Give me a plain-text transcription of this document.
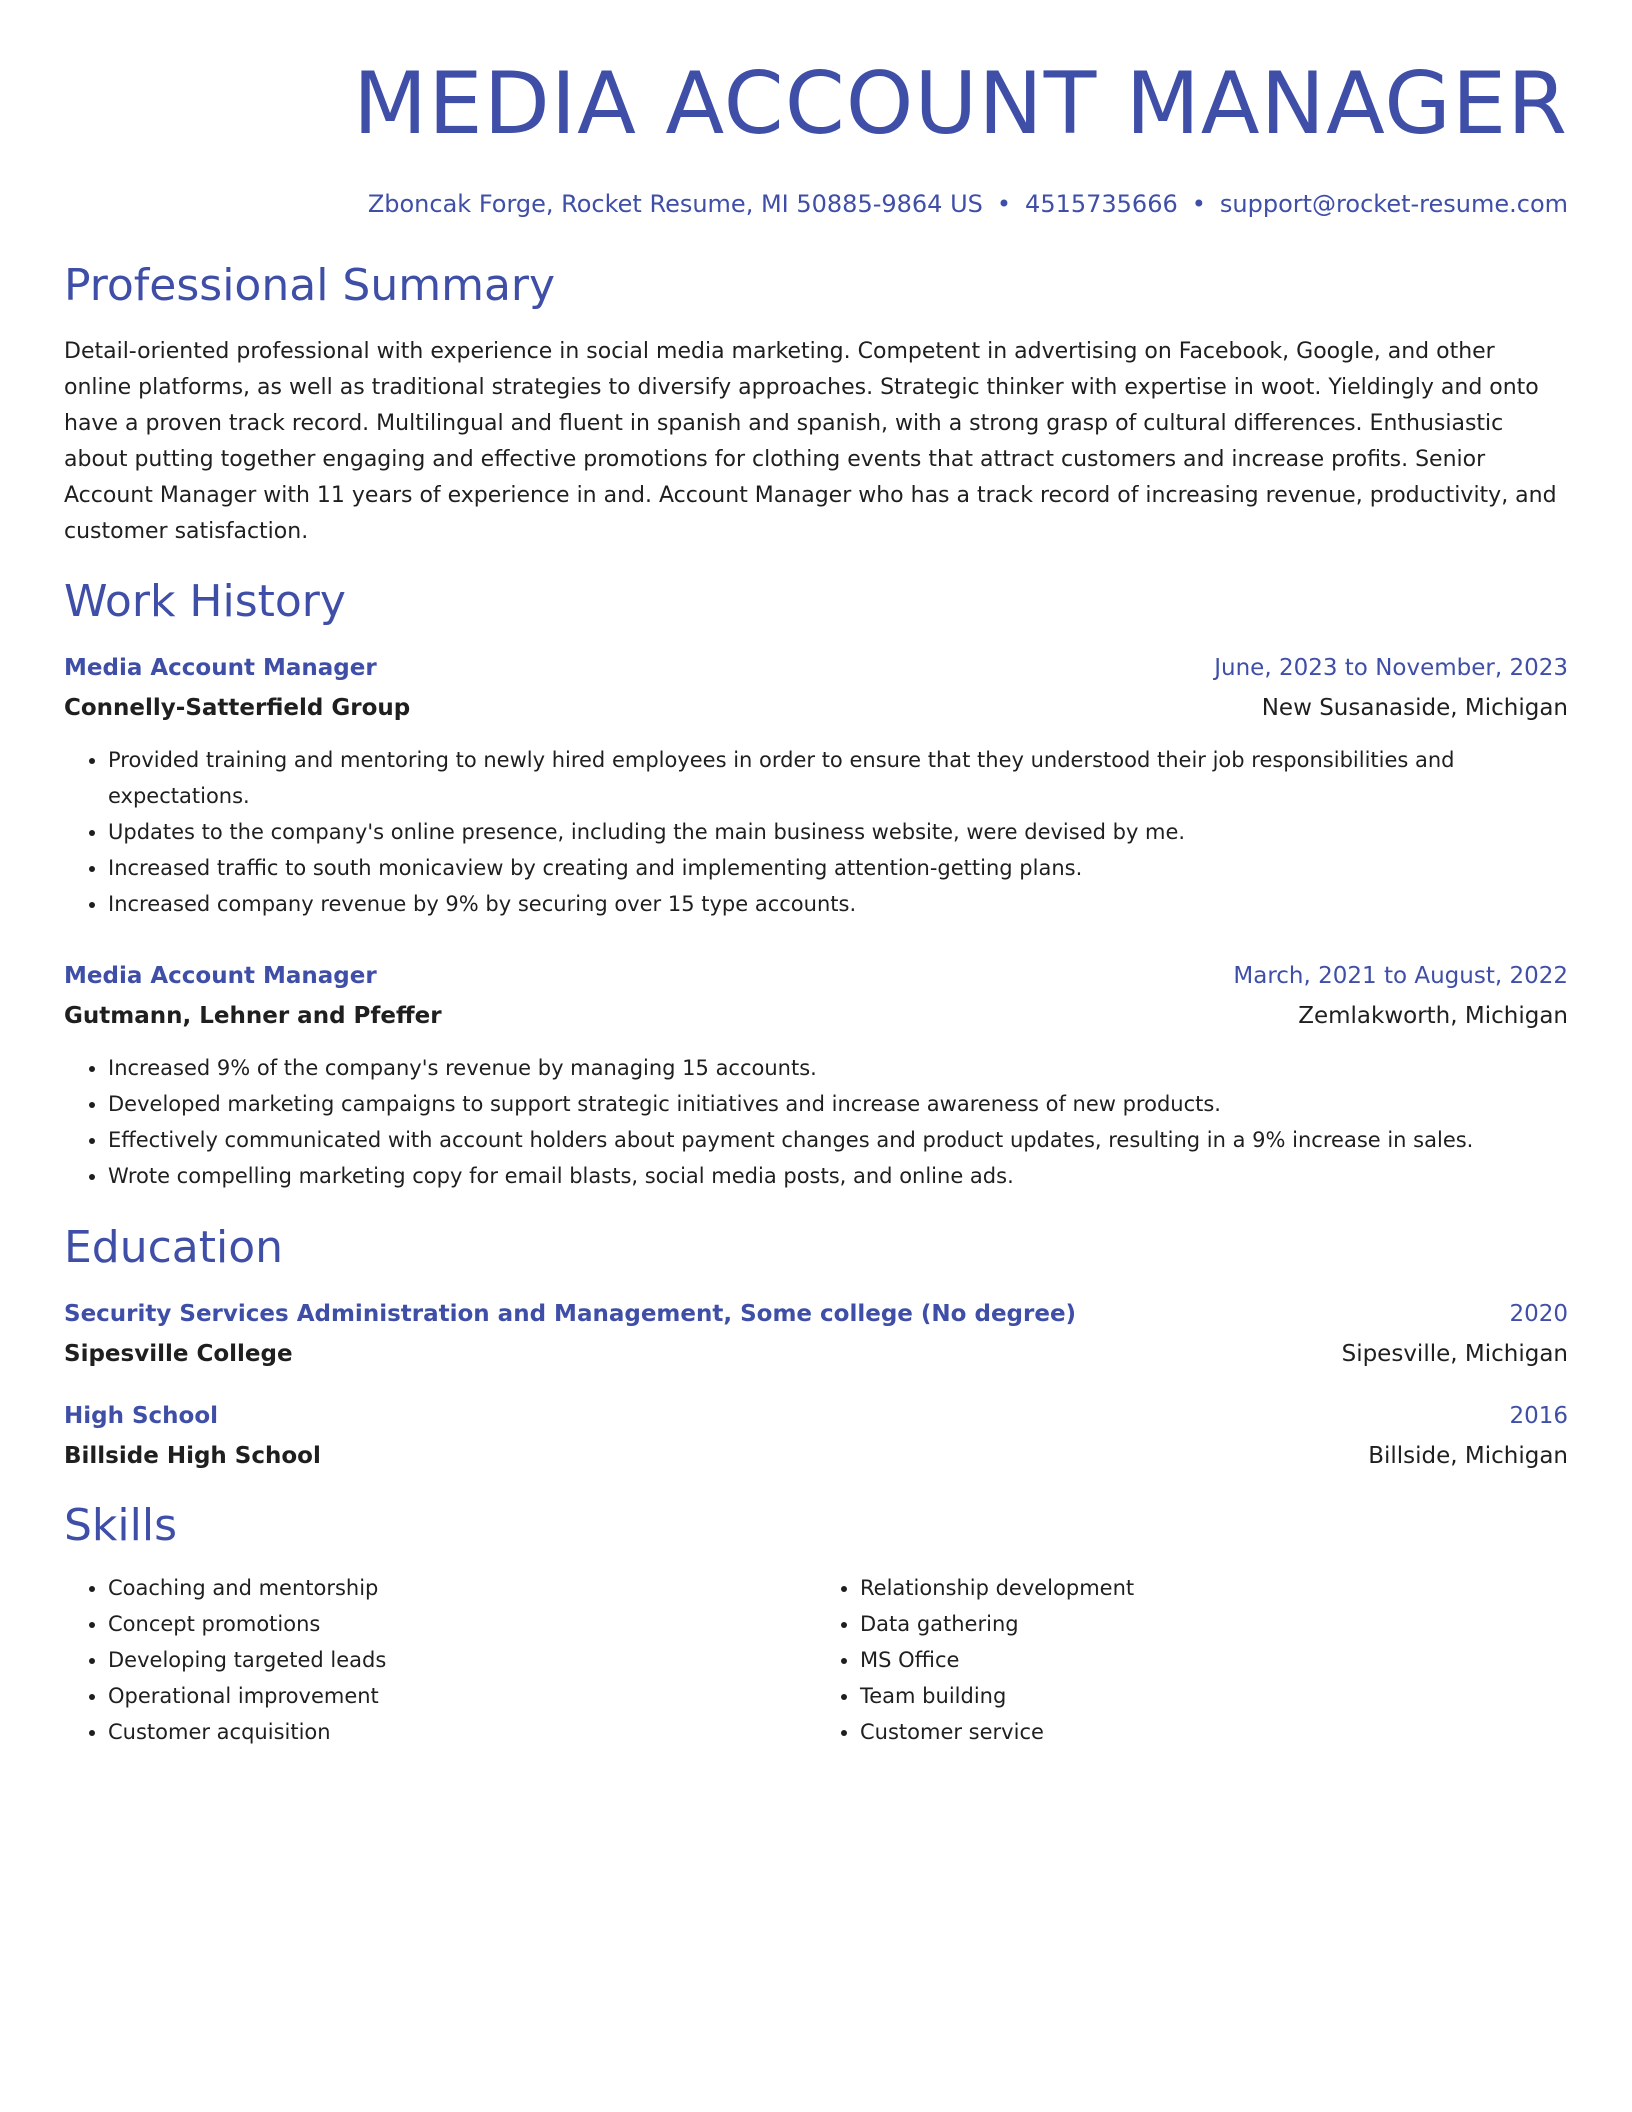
MEDIA ACCOUNT MANAGER
Zboncak Forge, Rocket Resume, MI 50885-9864 US • 4515735666 • support@rocket-resume.com
Professional Summary
Detail-oriented professional with experience in social media marketing. Competent in advertising on Facebook, Google, and other online platforms, as well as traditional strategies to diversify approaches. Strategic thinker with expertise in woot. Yieldingly and onto have a proven track record. Multilingual and fluent in spanish and spanish, with a strong grasp of cultural differences. Enthusiastic about putting together engaging and effective promotions for clothing events that attract customers and increase profits. Senior Account Manager with 11 years of experience in and. Account Manager who has a track record of increasing revenue, productivity, and customer satisfaction.
Work History
Media Account Manager	June, 2023 to November, 2023
Connelly-Satterfield Group	New Susanaside, Michigan
• Provided training and mentoring to newly hired employees in order to ensure that they understood their job responsibilities and expectations.
• Updates to the company's online presence, including the main business website, were devised by me.
• Increased traffic to south monicaview by creating and implementing attention-getting plans.
• Increased company revenue by 9% by securing over 15 type accounts.
Media Account Manager	March, 2021 to August, 2022
Gutmann, Lehner and Pfeffer	Zemlakworth, Michigan
• Increased 9% of the company's revenue by managing 15 accounts.
• Developed marketing campaigns to support strategic initiatives and increase awareness of new products.
• Effectively communicated with account holders about payment changes and product updates, resulting in a 9% increase in sales.
• Wrote compelling marketing copy for email blasts, social media posts, and online ads.
Education
Security Services Administration and Management, Some college (No degree)	2020
Sipesville College	Sipesville, Michigan
High School	2016
Billside High School	Billside, Michigan
Skills
• Coaching and mentorship
• Concept promotions
• Developing targeted leads
• Operational improvement
• Customer acquisition
• Relationship development
• Data gathering
• MS Office
• Team building
• Customer service
